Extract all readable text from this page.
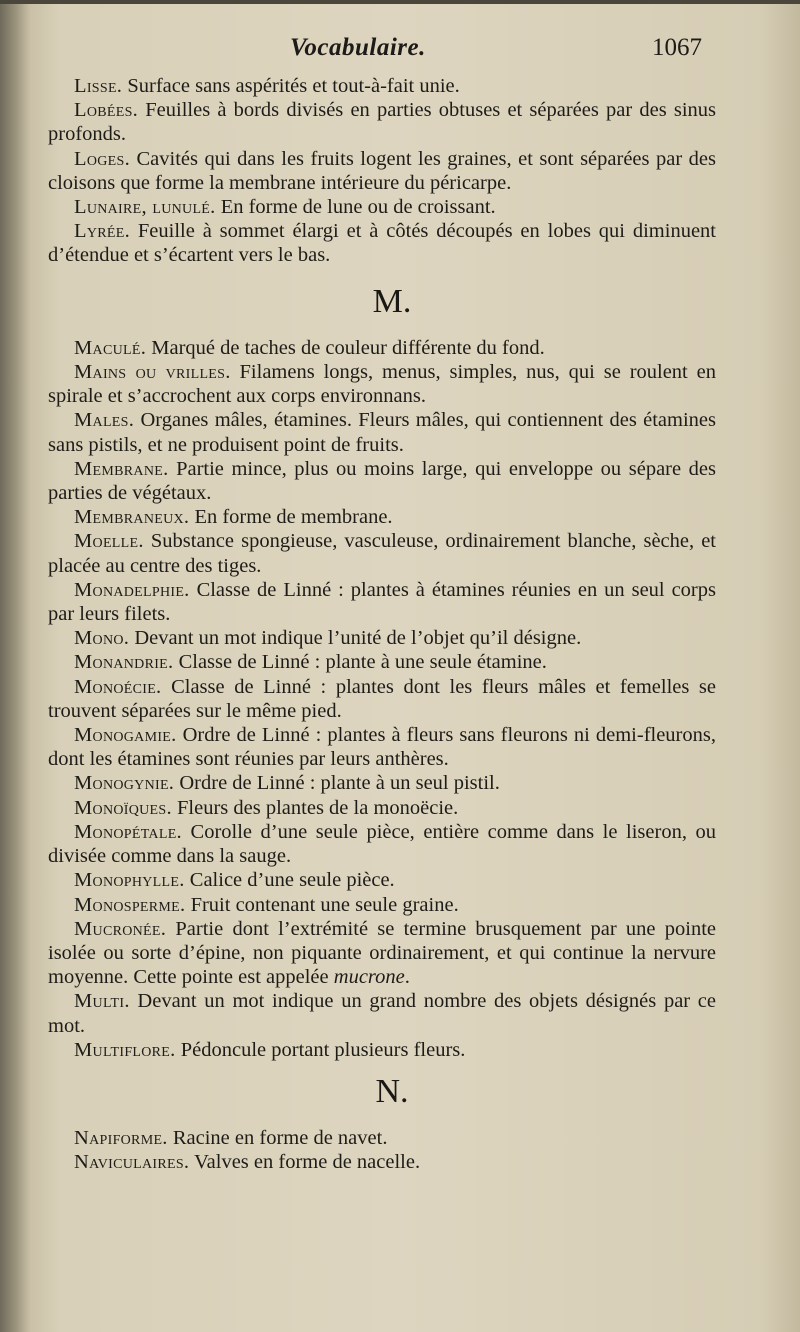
Vocabulaire.	1067

Lisse. Surface sans aspérités et tout-à-fait unie.

Lobées. Feuilles à bords divisés en parties obtuses et séparées par des sinus profonds.

Loges. Cavités qui dans les fruits logent les graines, et sont séparées par des cloisons que forme la membrane intérieure du péricarpe.

Lunaire, lunulé. En forme de lune ou de croissant.

Lyrée. Feuille à sommet élargi et à côtés découpés en lobes qui diminuent d’étendue et s’écartent vers le bas.

M.

Maculé. Marqué de taches de couleur différente du fond.

Mains ou vrilles. Filamens longs, menus, simples, nus, qui se roulent en spirale et s’accrochent aux corps environnans.

Males. Organes mâles, étamines. Fleurs mâles, qui contiennent des étamines sans pistils, et ne produisent point de fruits.

Membrane. Partie mince, plus ou moins large, qui enveloppe ou sépare des parties de végétaux.

Membraneux. En forme de membrane.

Moelle. Substance spongieuse, vasculeuse, ordinairement blanche, sèche, et placée au centre des tiges.

Monadelphie. Classe de Linné : plantes à étamines réunies en un seul corps par leurs filets.

Mono. Devant un mot indique l’unité de l’objet qu’il désigne.

Monandrie. Classe de Linné : plante à une seule étamine.

Monoécie. Classe de Linné : plantes dont les fleurs mâles et femelles se trouvent séparées sur le même pied.

Monogamie. Ordre de Linné : plantes à fleurs sans fleurons ni demi-fleurons, dont les étamines sont réunies par leurs anthères.

Monogynie. Ordre de Linné : plante à un seul pistil.

Monoïques. Fleurs des plantes de la monoëcie.

Monopétale. Corolle d’une seule pièce, entière comme dans le liseron, ou divisée comme dans la sauge.

Monophylle. Calice d’une seule pièce.

Monosperme. Fruit contenant une seule graine.

Mucronée. Partie dont l’extrémité se termine brusquement par une pointe isolée ou sorte d’épine, non piquante ordinairement, et qui continue la nervure moyenne. Cette pointe est appelée mucrone.

Multi. Devant un mot indique un grand nombre des objets désignés par ce mot.

Multiflore. Pédoncule portant plusieurs fleurs.

N.

Napiforme. Racine en forme de navet.

Naviculaires. Valves en forme de nacelle.
